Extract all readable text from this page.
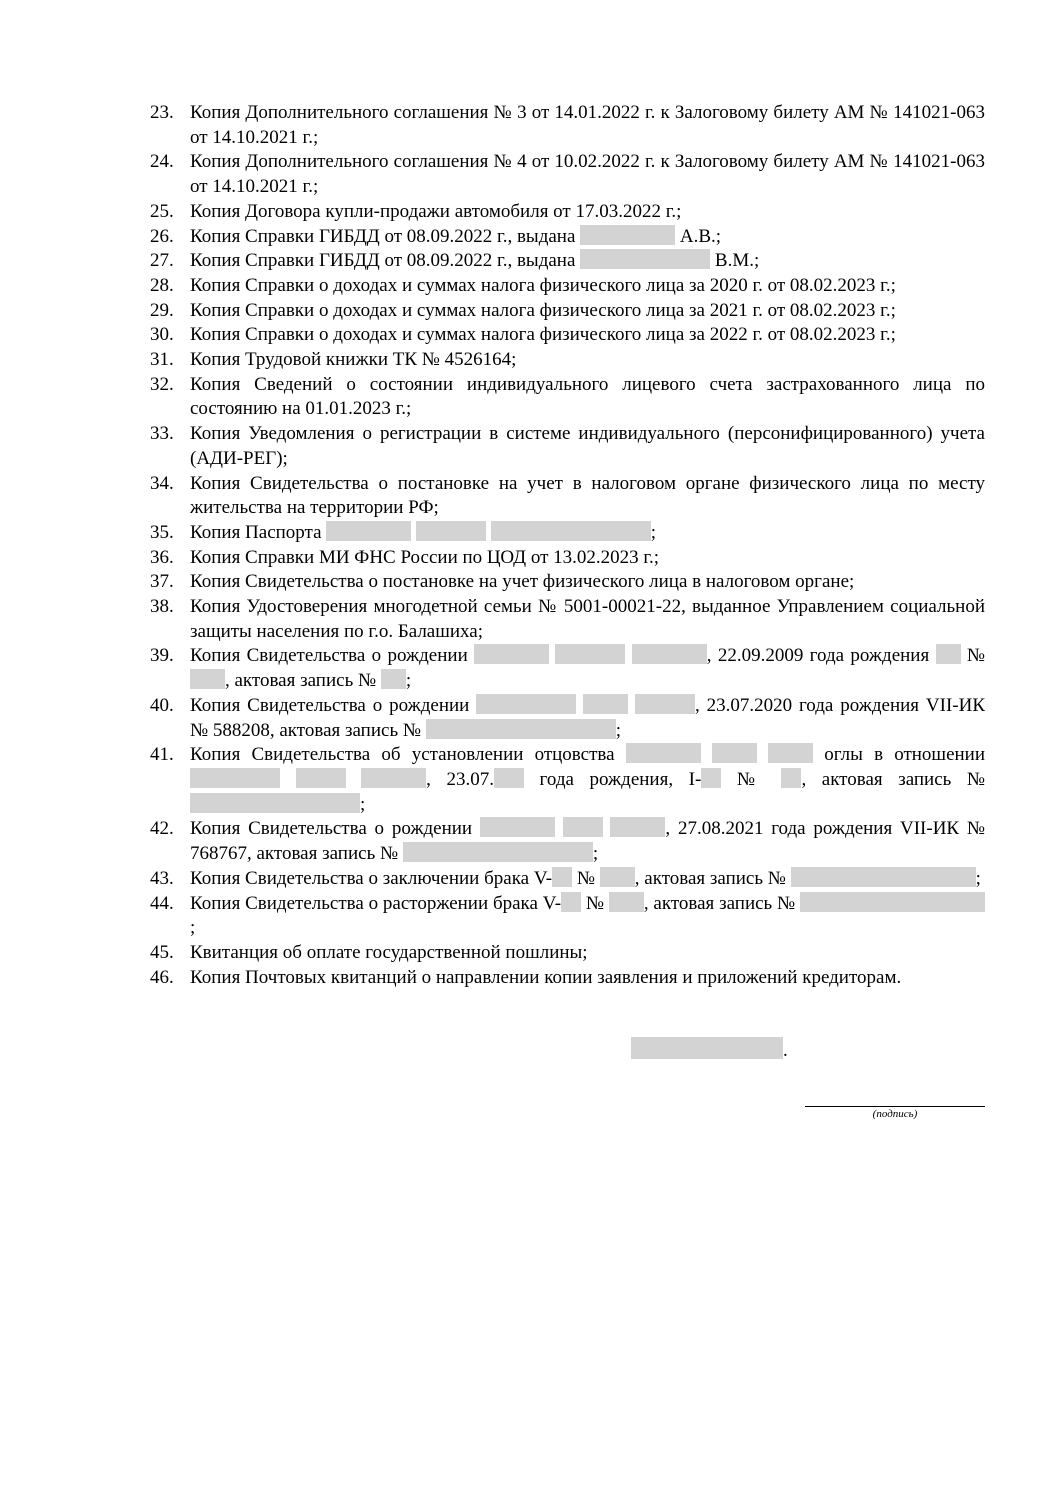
23. Копия Дополнительного соглашения № 3 от 14.01.2022 г. к Залоговому билету АМ № 141021-063 от 14.10.2021 г.;
24. Копия Дополнительного соглашения № 4 от 10.02.2022 г. к Залоговому билету АМ № 141021-063 от 14.10.2021 г.;
25. Копия Договора купли-продажи автомобиля от 17.03.2022 г.;
26. Копия Справки ГИБДД от 08.09.2022 г., выдана	А.В.;
27. Копия Справки ГИБДД от 08.09.2022 г., выдана	В.М.;
28. Копия Справки о доходах и суммах налога физического лица за 2020 г. от 08.02.2023 г.;
29. Копия Справки о доходах и суммах налога физического лица за 2021 г. от 08.02.2023 г.;
30. Копия Справки о доходах и суммах налога физического лица за 2022 г. от 08.02.2023 г.;
31. Копия Трудовой книжки ТК № 4526164;
32. Копия Сведений о состоянии индивидуального лицевого счета застрахованного лица по состоянию на 01.01.2023 г.;
33. Копия Уведомления о регистрации в системе индивидуального (персонифицированного) учета (АДИ-РЕГ);
34. Копия Свидетельства о постановке на учет в налоговом органе физического лица по месту жительства на территории РФ;
35. Копия Паспорта	;
36. Копия Справки МИ ФНС России по ЦОД от 13.02.2023 г.;
37. Копия Свидетельства о постановке на учет физического лица в налоговом органе;
38. Копия Удостоверения многодетной семьи № 5001-00021-22, выданное Управлением социальной защиты населения по г.о. Балашиха;
39. Копия Свидетельства о рождении	, 22.09.2009 года рождения  № , актовая запись № ;
40. Копия Свидетельства о рождении	, 23.07.2020 года рождения VII-ИК № 588208, актовая запись №	;
41. Копия Свидетельства об установлении отцовства	оглы в отношении   , 23.07. года рождения, I- № , актовая запись № ;
42. Копия Свидетельства о рождении	, 27.08.2021 года рождения VII-ИК № 768767, актовая запись №	;
43. Копия Свидетельства о заключении брака V- № , актовая запись №	;
44. Копия Свидетельства о расторжении брака V- № , актовая запись № ;
45. Квитанция об оплате государственной пошлины;
46. Копия Почтовых квитанций о направлении копии заявления и приложений кредиторам.
.
(подпись)
